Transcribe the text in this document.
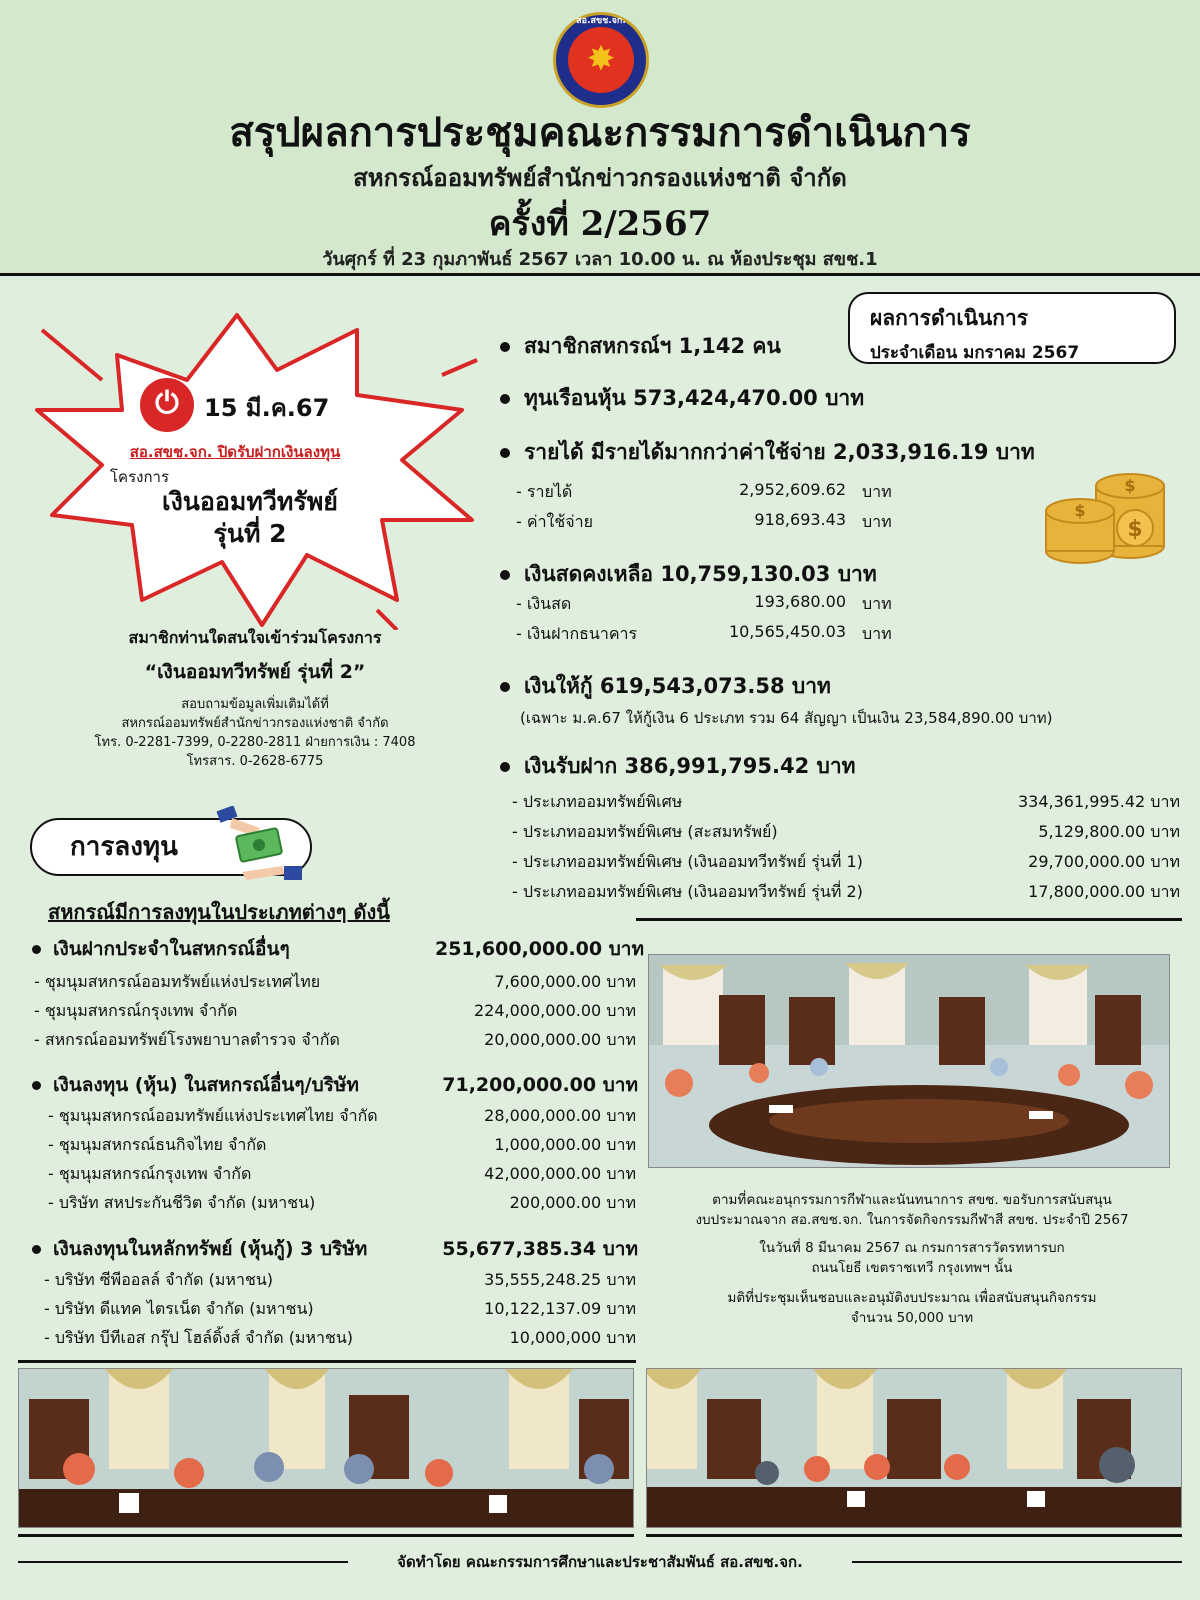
สอ.สขช.จก.
✸
สรุปผลการประชุมคณะกรรมการดำเนินการ
สหกรณ์ออมทรัพย์สำนักข่าวกรองแห่งชาติ จำกัด
ครั้งที่ 2/2567
วันศุกร์ ที่ 23 กุมภาพันธ์ 2567 เวลา 10.00 น. ณ ห้องประชุม สขช.1
⏻	15 มี.ค.67
สอ.สขช.จก. ปิดรับฝากเงินลงทุน
โครงการ
เงินออมทวีทรัพย์
รุ่นที่ 2
สมาชิกท่านใดสนใจเข้าร่วมโครงการ
“เงินออมทวีทรัพย์ รุ่นที่ 2”
สอบถามข้อมูลเพิ่มเติมได้ที่
สหกรณ์ออมทรัพย์สำนักข่าวกรองแห่งชาติ จำกัด
โทร. 0-2281-7399, 0-2280-2811 ฝ่ายการเงิน : 7408
โทรสาร. 0-2628-6775
ผลการดำเนินการ
ประจำเดือน มกราคม 2567
สมาชิกสหกรณ์ฯ 1,142 คน
ทุนเรือนหุ้น 573,424,470.00 บาท
รายได้ มีรายได้มากกว่าค่าใช้จ่าย 2,033,916.19 บาท
- รายได้	2,952,609.62 บาท
- ค่าใช้จ่าย	918,693.43 บาท
$
$
$
เงินสดคงเหลือ 10,759,130.03 บาท
- เงินสด	193,680.00 บาท
- เงินฝากธนาคาร	10,565,450.03 บาท
เงินให้กู้ 619,543,073.58 บาท
(เฉพาะ ม.ค.67 ให้กู้เงิน 6 ประเภท รวม 64 สัญญา เป็นเงิน 23,584,890.00 บาท)
เงินรับฝาก 386,991,795.42 บาท
- ประเภทออมทรัพย์พิเศษ	334,361,995.42 บาท
- ประเภทออมทรัพย์พิเศษ (สะสมทรัพย์)	5,129,800.00 บาท
- ประเภทออมทรัพย์พิเศษ (เงินออมทวีทรัพย์ รุ่นที่ 1)	29,700,000.00 บาท
- ประเภทออมทรัพย์พิเศษ (เงินออมทวีทรัพย์ รุ่นที่ 2)	17,800,000.00 บาท
การลงทุน
สหกรณ์มีการลงทุนในประเภทต่างๆ ดังนี้
เงินฝากประจำในสหกรณ์อื่นๆ	251,600,000.00 บาท
- ชุมนุมสหกรณ์ออมทรัพย์แห่งประเทศไทย	7,600,000.00 บาท
- ชุมนุมสหกรณ์กรุงเทพ จำกัด	224,000,000.00 บาท
- สหกรณ์ออมทรัพย์โรงพยาบาลตำรวจ จำกัด	20,000,000.00 บาท
เงินลงทุน (หุ้น) ในสหกรณ์อื่นๆ/บริษัท	71,200,000.00 บาท
- ชุมนุมสหกรณ์ออมทรัพย์แห่งประเทศไทย จำกัด	28,000,000.00 บาท
- ชุมนุมสหกรณ์ธนกิจไทย จำกัด	1,000,000.00 บาท
- ชุมนุมสหกรณ์กรุงเทพ จำกัด	42,000,000.00 บาท
- บริษัท สหประกันชีวิต จำกัด (มหาชน)	200,000.00 บาท
เงินลงทุนในหลักทรัพย์ (หุ้นกู้) 3 บริษัท	55,677,385.34 บาท
- บริษัท ซีพีออลล์ จำกัด (มหาชน)	35,555,248.25 บาท
- บริษัท ดีแทค ไตรเน็ต จำกัด (มหาชน)	10,122,137.09 บาท
- บริษัท บีทีเอส กรุ๊ป โฮล์ดิ้งส์ จำกัด (มหาชน)	10,000,000 บาท
ตามที่คณะอนุกรรมการกีฬาและนันทนาการ สขช. ขอรับการสนับสนุน
งบประมาณจาก สอ.สขช.จก. ในการจัดกิจกรรมกีฬาสี สขช. ประจำปี 2567
ในวันที่ 8 มีนาคม 2567 ณ กรมการสารวัตรทหารบก
ถนนโยธี เขตราชเทวี กรุงเทพฯ นั้น
มติที่ประชุมเห็นชอบและอนุมัติงบประมาณ เพื่อสนับสนุนกิจกรรม
จำนวน 50,000 บาท
จัดทำโดย คณะกรรมการศึกษาและประชาสัมพันธ์ สอ.สขช.จก.
